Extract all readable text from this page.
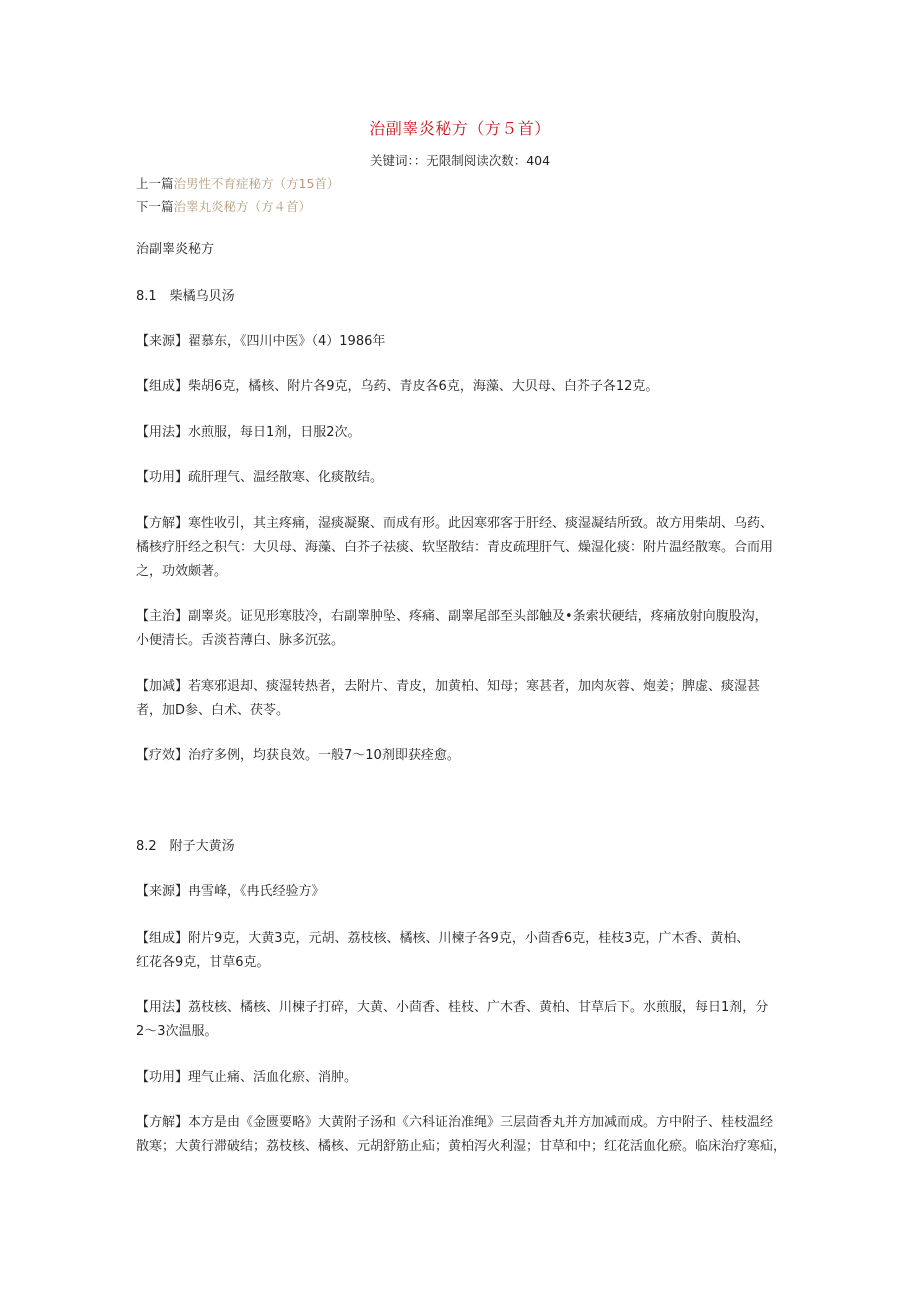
治副睾炎秘方（方５首）
关键词：：无限制阅读次数：404
上一篇治男性不育症秘方（方15首）
下一篇治睾丸炎秘方（方４首）
治副睾炎秘方
8.1　柴橘乌贝汤
【来源】翟慕东，《四川中医》（4）1986年
【组成】柴胡6克，橘核、附片各9克，乌药、青皮各6克，海藻、大贝母、白芥子各12克。
【用法】水煎服，每日1剂，日服2次。
【功用】疏肝理气、温经散寒、化痰散结。
【方解】寒性收引，其主疼痛，湿痰凝聚、而成有形。此因寒邪客于肝经、痰湿凝结所致。故方用柴胡、乌药、
橘核疗肝经之积气：大贝母、海藻、白芥子祛痰、软坚散结：青皮疏理肝气、燥湿化痰：附片温经散寒。合而用
之，功效颇著。
【主治】副睾炎。证见形寒肢冷，右副睾肿坠、疼痛、副睾尾部至头部触及•条索状硬结，疼痛放射向腹股沟，
小便清长。舌淡苔薄白、脉多沉弦。
【加减】若寒邪退却、痰湿转热者，去附片、青皮，加黄柏、知母；寒甚者，加肉灰蓉、炮姜；脾虚、痰湿甚
者，加D参、白术、茯苓。
【疗效】治疗多例，均获良效。一般7～10剂即获痊愈。
8.2　附子大黄汤
【来源】冉雪峰，《冉氏经验方》
【组成】附片9克，大黄3克，元胡、荔枝核、橘核、川楝子各9克，小茴香6克，桂枝3克，广木香、黄柏、
红花各9克，甘草6克。
【用法】荔枝核、橘核、川楝子打碎，大黄、小茴香、桂枝、广木香、黄柏、甘草后下。水煎服，每日1剂，分
2～3次温服。
【功用】理气止痛、活血化瘀、消肿。
【方解】本方是由《金匮要略》大黄附子汤和《六科证治准绳》三层茴香丸并方加减而成。方中附子、桂枝温经
散寒；大黄行滞破结；荔枝核、橘核、元胡舒筋止疝；黄柏泻火利湿；甘草和中；红花活血化瘀。临床治疗寒疝，
